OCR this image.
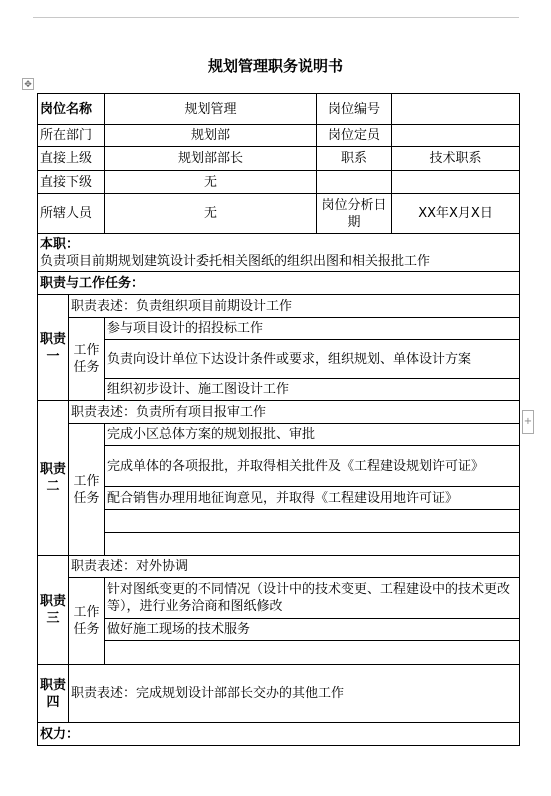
规划管理职务说明书
✥
+
岗位名称		规划管理	岗位编号	
所在部门		规划部	岗位定员	
直接上级		规划部部长	职系	技术职系
直接下级		无		
所辖人员		无	岗位分析日期	XX年X月X日

本职：
负责项目前期规划建筑设计委托相关图纸的组织出图和相关报批工作				

职责与工作任务：				
职责一	职责表述：负责组织项目前期设计工作			
	工作任务	参与项目设计的招投标工作		
		负责向设计单位下达设计条件或要求，组织规划、单体设计方案		
		组织初步设计、施工图设计工作		
职责二	职责表述：负责所有项目报审工作			
	工作任务	完成小区总体方案的规划报批、审批		
		完成单体的各项报批，并取得相关批件及《工程建设规划许可证》		
		配合销售办理用地征询意见，并取得《工程建设用地许可证》		

职责三	职责表述：对外协调			
	工作任务	针对图纸变更的不同情况（设计中的技术变更、工程建设中的技术更改等），进行业务洽商和图纸修改		
		做好施工现场的技术服务		

职责四	职责表述：完成规划设计部部长交办的其他工作			
权力：				
